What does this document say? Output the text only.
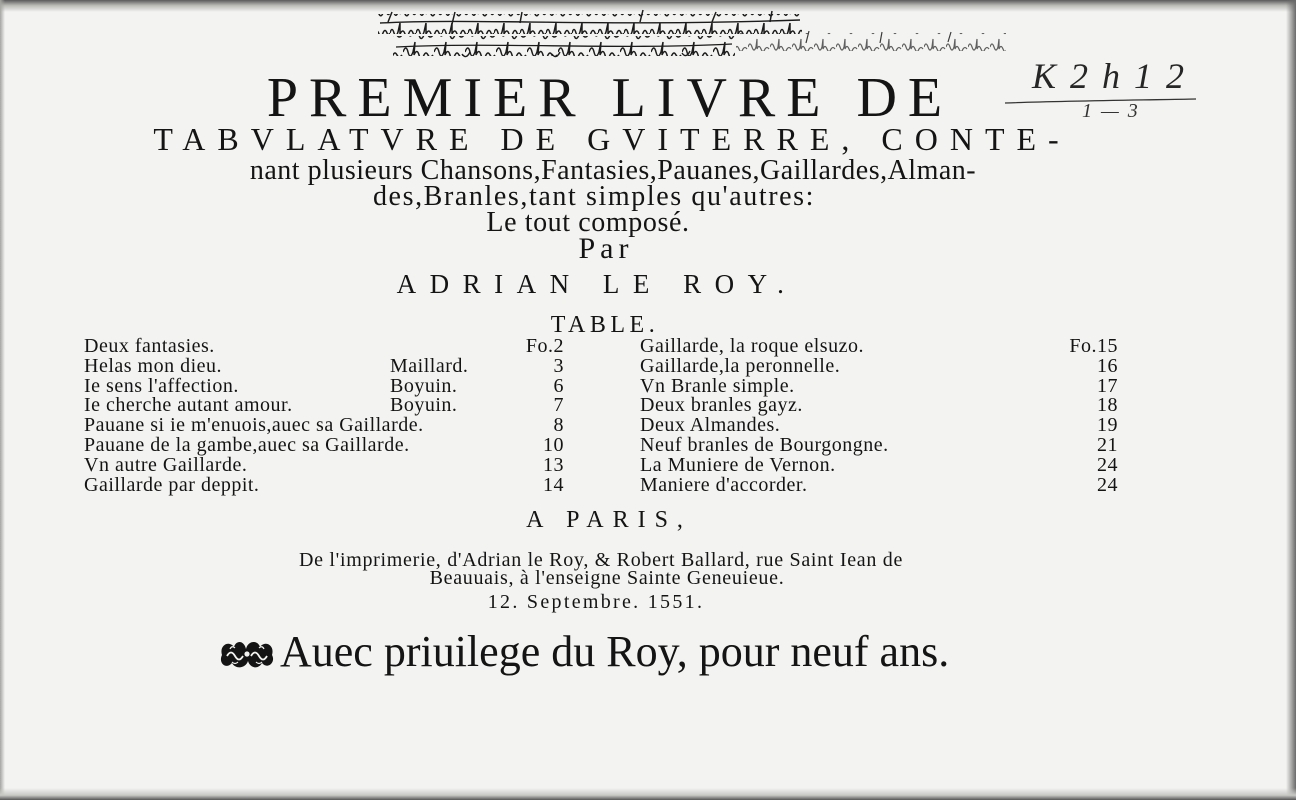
K2h12
1 — 3
PREMIER LIVRE DE
TABVLATVRE DE GVITERRE, CONTE-
nant plusieurs Chansons,Fantasies,Pauanes,Gaillardes,Alman-
des,Branles,tant simples qu'autres:
Le tout composé.
Par
ADRIAN LE ROY.
TABLE.
Deux fantasies.	Fo.2
Helas mon dieu.	Maillard.	3
Ie sens l'affection.	Boyuin.	6
Ie cherche autant amour.	Boyuin.	7
Pauane si ie m'enuois,auec sa Gaillarde.	8
Pauane de la gambe,auec sa Gaillarde.	10
Vn autre Gaillarde.	13
Gaillarde par deppit.	14
Gaillarde, la roque elsuzo.	Fo.15
Gaillarde,la peronnelle.	16
Vn Branle simple.	17
Deux branles gayz.	18
Deux Almandes.	19
Neuf branles de Bourgongne.	21
La Muniere de Vernon.	24
Maniere d'accorder.	24
A PARIS,
De l'imprimerie, d'Adrian le Roy, & Robert Ballard, rue Saint Iean de
Beauuais, à l'enseigne Sainte Geneuieue.
12. Septembre. 1551.
Auec priuilege du Roy, pour neuf ans.
